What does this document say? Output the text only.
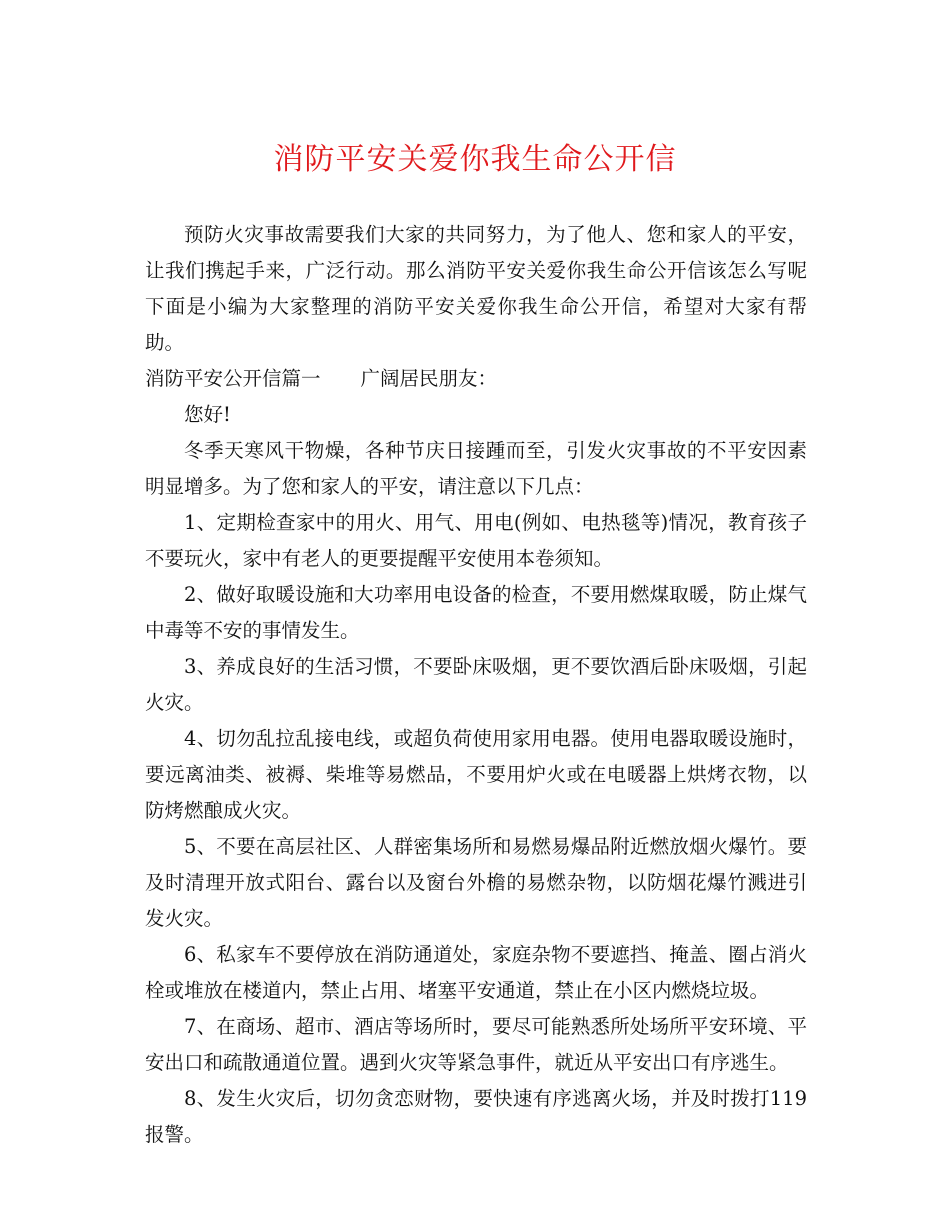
消防平安关爱你我生命公开信

预防火灾事故需要我们大家的共同努力，为了他人、您和家人的平安，让我们携起手来，广泛行动。那么消防平安关爱你我生命公开信该怎么写呢下面是小编为大家整理的消防平安关爱你我生命公开信，希望对大家有帮助。

消防平安公开信篇一 广阔居民朋友：

您好!

冬季天寒风干物燥，各种节庆日接踵而至，引发火灾事故的不平安因素明显增多。为了您和家人的平安，请注意以下几点：

1、定期检查家中的用火、用气、用电(例如、电热毯等)情况，教育孩子不要玩火，家中有老人的更要提醒平安使用本卷须知。

2、做好取暖设施和大功率用电设备的检查，不要用燃煤取暖，防止煤气中毒等不安的事情发生。

3、养成良好的生活习惯，不要卧床吸烟，更不要饮酒后卧床吸烟，引起火灾。

4、切勿乱拉乱接电线，或超负荷使用家用电器。使用电器取暖设施时，要远离油类、被褥、柴堆等易燃品，不要用炉火或在电暖器上烘烤衣物，以防烤燃酿成火灾。

5、不要在高层社区、人群密集场所和易燃易爆品附近燃放烟火爆竹。要及时清理开放式阳台、露台以及窗台外檐的易燃杂物，以防烟花爆竹溅进引发火灾。

6、私家车不要停放在消防通道处，家庭杂物不要遮挡、掩盖、圈占消火栓或堆放在楼道内，禁止占用、堵塞平安通道，禁止在小区内燃烧垃圾。

7、在商场、超市、酒店等场所时，要尽可能熟悉所处场所平安环境、平安出口和疏散通道位置。遇到火灾等紧急事件，就近从平安出口有序逃生。

8、发生火灾后，切勿贪恋财物，要快速有序逃离火场，并及时拨打119报警。
